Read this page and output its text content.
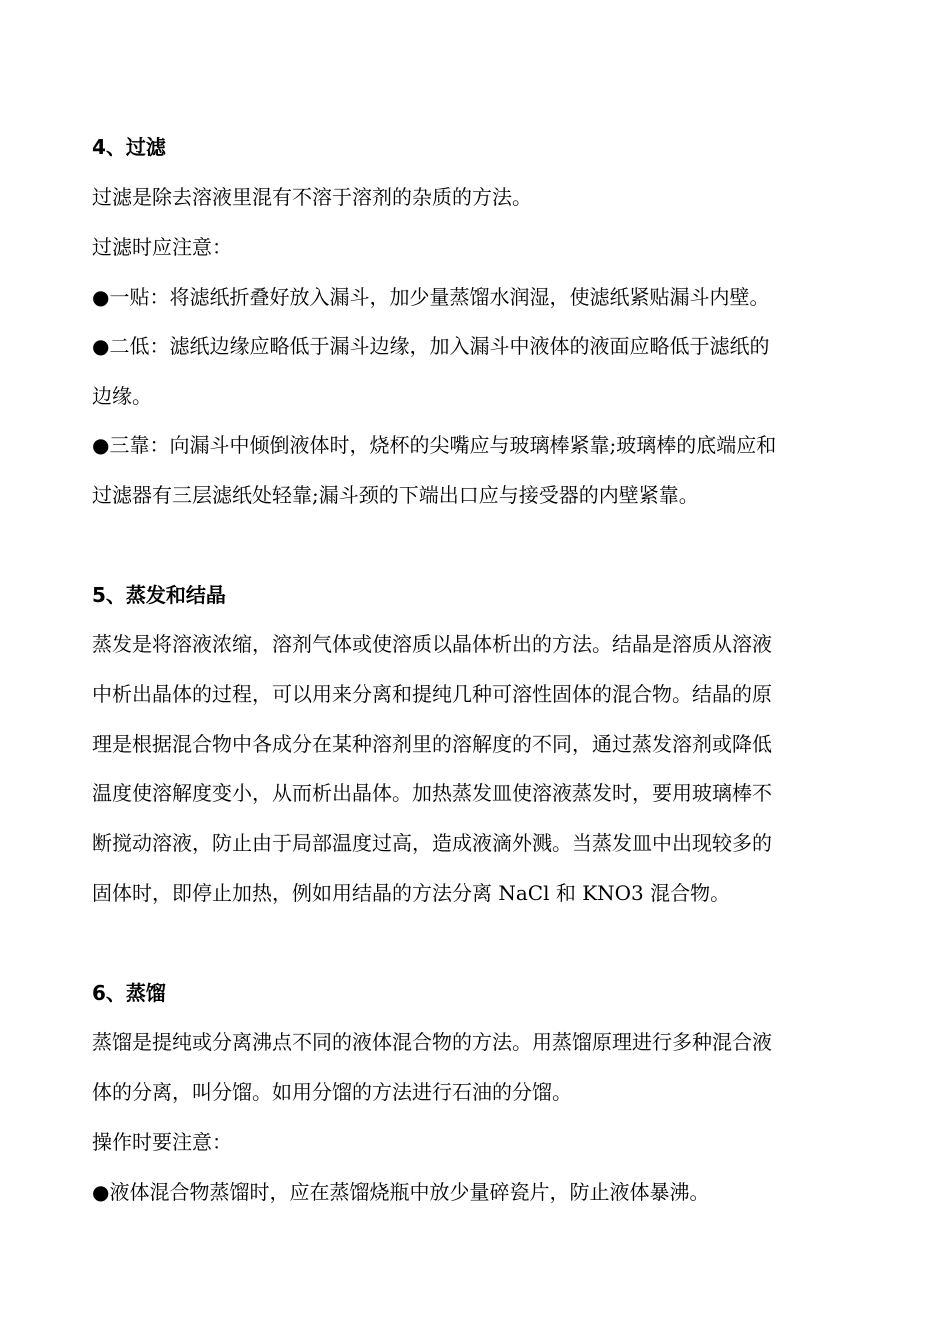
4、过滤

过滤是除去溶液里混有不溶于溶剂的杂质的方法。

过滤时应注意：

●一贴：将滤纸折叠好放入漏斗，加少量蒸馏水润湿，使滤纸紧贴漏斗内壁。

●二低：滤纸边缘应略低于漏斗边缘，加入漏斗中液体的液面应略低于滤纸的

边缘。

●三靠：向漏斗中倾倒液体时，烧杯的尖嘴应与玻璃棒紧靠;玻璃棒的底端应和

过滤器有三层滤纸处轻靠;漏斗颈的下端出口应与接受器的内壁紧靠。

5、蒸发和结晶

蒸发是将溶液浓缩，溶剂气体或使溶质以晶体析出的方法。结晶是溶质从溶液

中析出晶体的过程，可以用来分离和提纯几种可溶性固体的混合物。结晶的原

理是根据混合物中各成分在某种溶剂里的溶解度的不同，通过蒸发溶剂或降低

温度使溶解度变小，从而析出晶体。加热蒸发皿使溶液蒸发时，要用玻璃棒不

断搅动溶液，防止由于局部温度过高，造成液滴外溅。当蒸发皿中出现较多的

固体时，即停止加热，例如用结晶的方法分离 NaCl 和 KNO3 混合物。

6、蒸馏

蒸馏是提纯或分离沸点不同的液体混合物的方法。用蒸馏原理进行多种混合液

体的分离，叫分馏。如用分馏的方法进行石油的分馏。

操作时要注意：

●液体混合物蒸馏时，应在蒸馏烧瓶中放少量碎瓷片，防止液体暴沸。
